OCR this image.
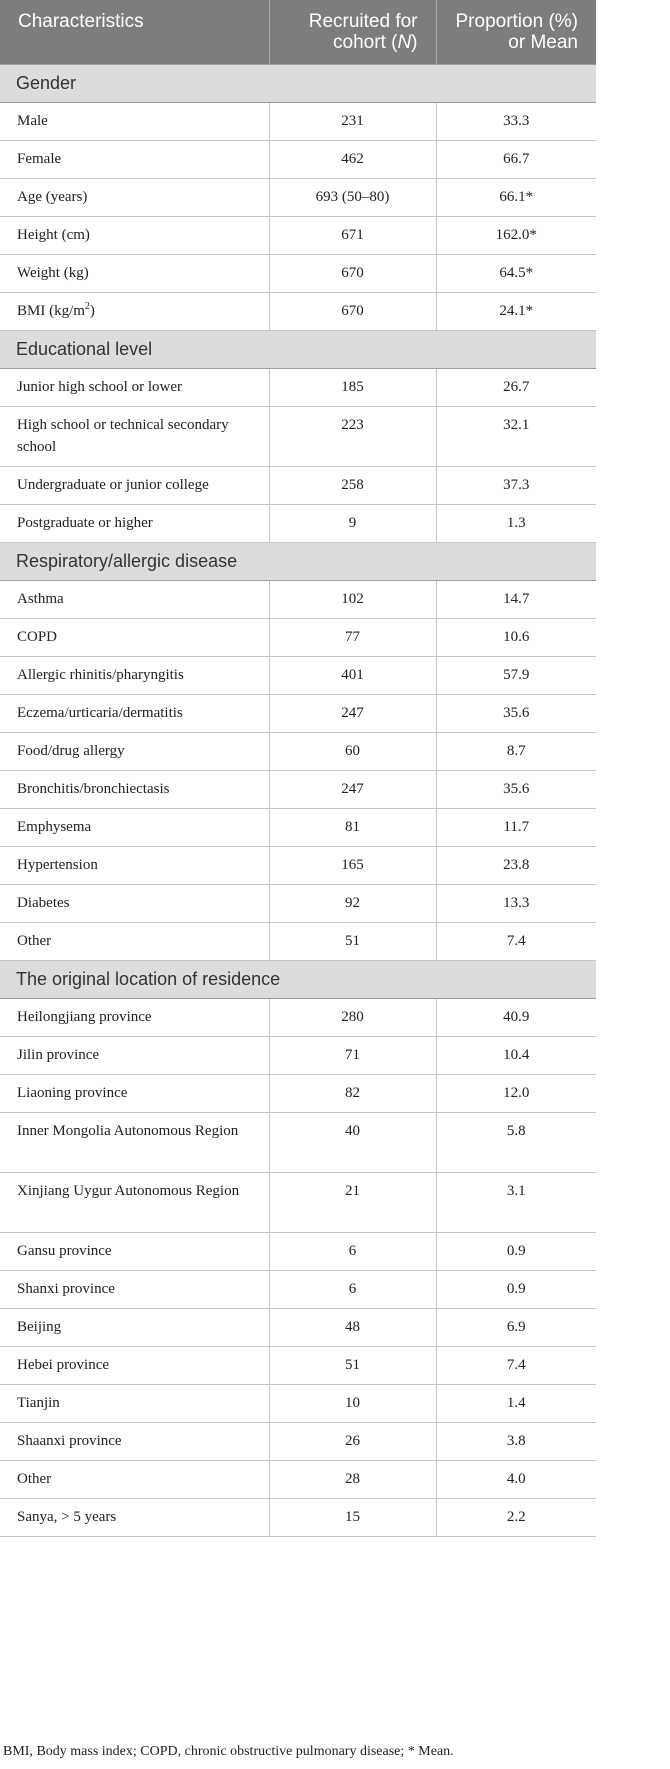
Characteristics	Recruited for cohort (N)	Proportion (%) or Mean
Gender		
Male	231	33.3
Female	462	66.7
Age (years)	693 (50–80)	66.1*
Height (cm)	671	162.0*
Weight (kg)	670	64.5*
BMI $(kg/m^2)$	670	24.1*
Educational level		
Junior high school or lower	185	26.7
High school or technical secondary school	223	32.1
Undergraduate or junior college	258	37.3
Postgraduate or higher	9	1.3
Respiratory/allergic disease		
Asthma	102	14.7
COPD	77	10.6
Allergic rhinitis/pharyngitis	401	57.9
Eczema/urticaria/dermatitis	247	35.6
Food/drug allergy	60	8.7
Bronchitis/bronchiectasis	247	35.6
Emphysema	81	11.7
Hypertension	165	23.8
Diabetes	92	13.3
Other	51	7.4
The original location of residence		
Heilongjiang province	280	40.9
Jilin province	71	10.4
Liaoning province	82	12.0
Inner Mongolia Autonomous Region	40	5.8
Xinjiang Uygur Autonomous Region	21	3.1
Gansu province	6	0.9
Shanxi province	6	0.9
Beijing	48	6.9
Hebei province	51	7.4
Tianjin	10	1.4
Shaanxi province	26	3.8
Other	28	4.0
Sanya, > 5 years	15	2.2
BMI, Body mass index; COPD, chronic obstructive pulmonary disease; * Mean.
